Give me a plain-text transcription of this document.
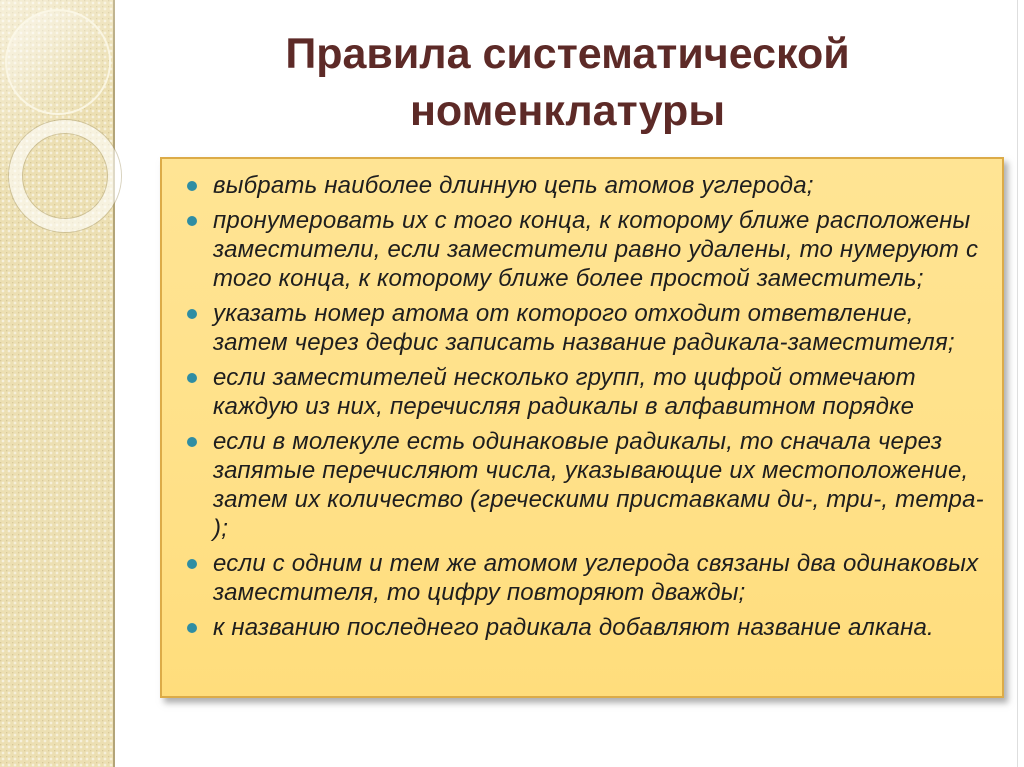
Правила систематической номенклатуры
выбрать наиболее длинную цепь атомов углерода;
пронумеровать их с того конца, к которому ближе расположены заместители, если заместители равно удалены, то нумеруют с того конца, к которому ближе более простой заместитель;
указать номер атома от которого отходит ответвление, затем через дефис записать название радикала-заместителя;
если заместителей несколько групп, то цифрой отмечают каждую из них, перечисляя радикалы в алфавитном порядке
если в молекуле есть одинаковые радикалы, то сначала через запятые перечисляют числа, указывающие их местоположение, затем их количество (греческими приставками ди-, три-, тетра- );
если с одним и тем же атомом углерода связаны два одинаковых заместителя, то цифру повторяют дважды;
к названию последнего радикала добавляют название алкана.
